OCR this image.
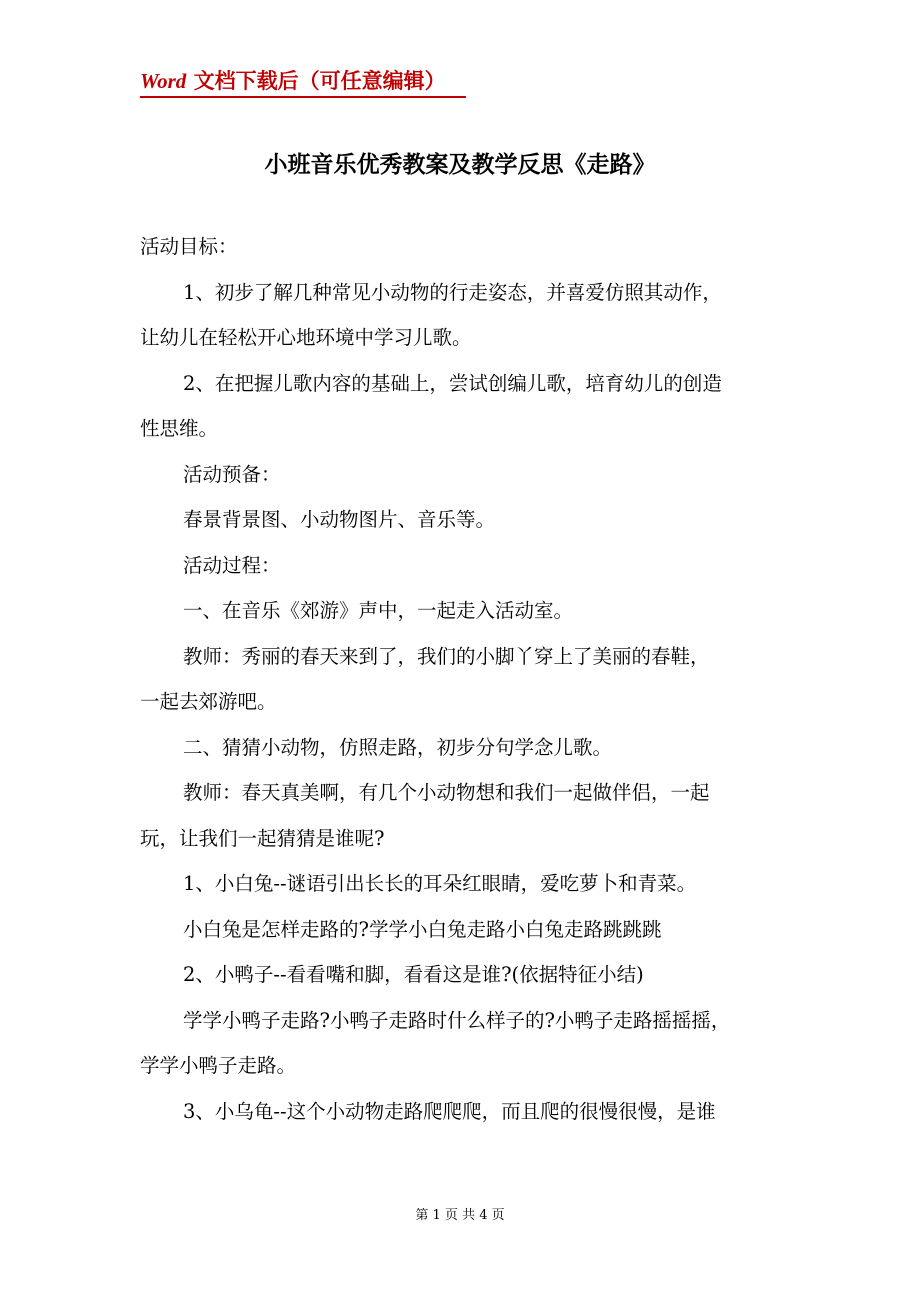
Word 文档下载后（可任意编辑）
小班音乐优秀教案及教学反思《走路》

活动目标：

1、初步了解几种常见小动物的行走姿态，并喜爱仿照其动作，

让幼儿在轻松开心地环境中学习儿歌。

2、在把握儿歌内容的基础上，尝试创编儿歌，培育幼儿的创造

性思维。

活动预备：

春景背景图、小动物图片、音乐等。

活动过程：

一、在音乐《郊游》声中，一起走入活动室。

教师：秀丽的春天来到了，我们的小脚丫穿上了美丽的春鞋，

一起去郊游吧。

二、猜猜小动物，仿照走路，初步分句学念儿歌。

教师：春天真美啊，有几个小动物想和我们一起做伴侣，一起

玩，让我们一起猜猜是谁呢?

1、小白兔--谜语引出长长的耳朵红眼睛，爱吃萝卜和青菜。

小白兔是怎样走路的?学学小白兔走路小白兔走路跳跳跳

2、小鸭子--看看嘴和脚，看看这是谁?(依据特征小结)

学学小鸭子走路?小鸭子走路时什么样子的?小鸭子走路摇摇摇，

学学小鸭子走路。

3、小乌龟--这个小动物走路爬爬爬，而且爬的很慢很慢，是谁

第 1 页 共 4 页
